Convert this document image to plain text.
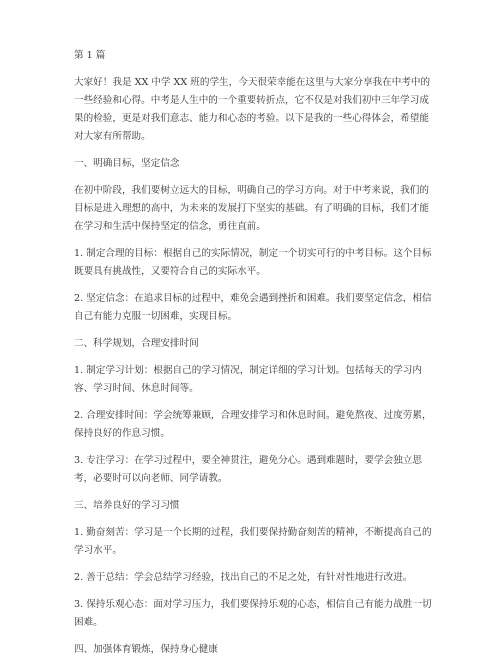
第 1 篇

大家好！我是 XX 中学 XX 班的学生，今天很荣幸能在这里与大家分享我在中考中的一些经验和心得。中考是人生中的一个重要转折点，它不仅是对我们初中三年学习成果的检验，更是对我们意志、能力和心态的考验。以下是我的一些心得体会，希望能对大家有所帮助。

一、明确目标，坚定信念

在初中阶段，我们要树立远大的目标，明确自己的学习方向。对于中考来说，我们的目标是进入理想的高中，为未来的发展打下坚实的基础。有了明确的目标，我们才能在学习和生活中保持坚定的信念，勇往直前。

1. 制定合理的目标：根据自己的实际情况，制定一个切实可行的中考目标。这个目标既要具有挑战性，又要符合自己的实际水平。

2. 坚定信念：在追求目标的过程中，难免会遇到挫折和困难。我们要坚定信念，相信自己有能力克服一切困难，实现目标。

二、科学规划，合理安排时间

1. 制定学习计划：根据自己的学习情况，制定详细的学习计划。包括每天的学习内容、学习时间、休息时间等。

2. 合理安排时间：学会统筹兼顾，合理安排学习和休息时间。避免熬夜、过度劳累，保持良好的作息习惯。

3. 专注学习：在学习过程中，要全神贯注，避免分心。遇到难题时，要学会独立思考，必要时可以向老师、同学请教。

三、培养良好的学习习惯

1. 勤奋刻苦：学习是一个长期的过程，我们要保持勤奋刻苦的精神，不断提高自己的学习水平。

2. 善于总结：学会总结学习经验，找出自己的不足之处，有针对性地进行改进。

3. 保持乐观心态：面对学习压力，我们要保持乐观的心态，相信自己有能力战胜一切困难。

四、加强体育锻炼，保持身心健康
